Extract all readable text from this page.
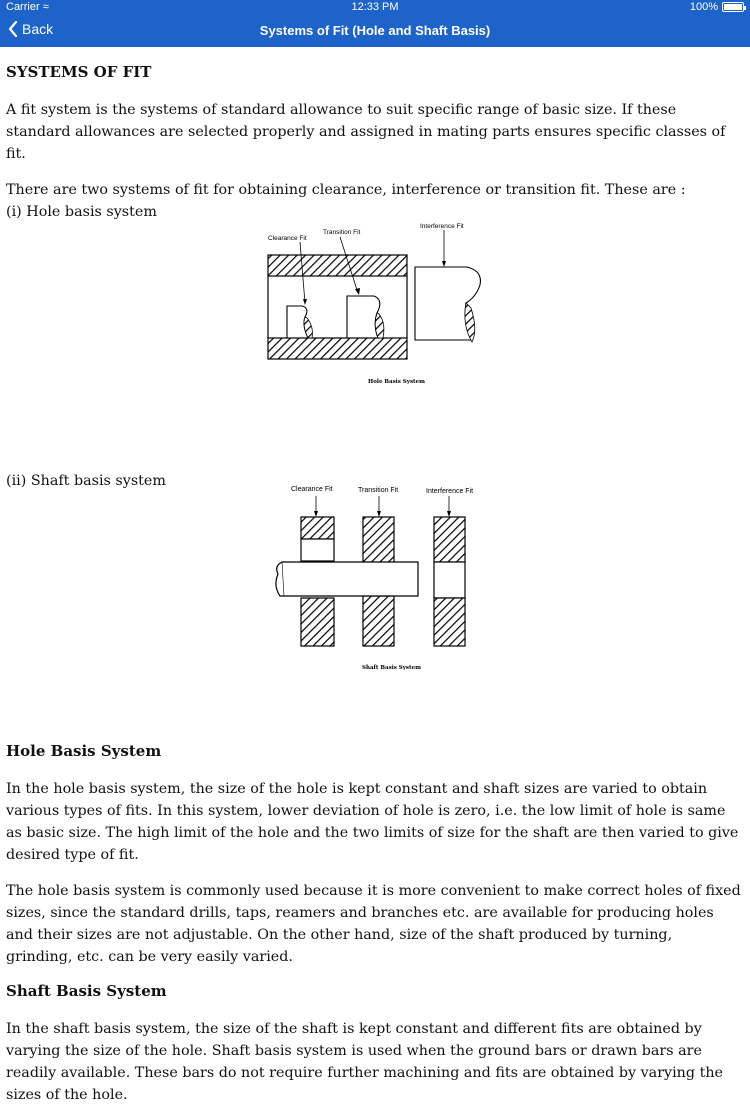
Carrier ≈	12:33 PM	100%
Back	Systems of Fit (Hole and Shaft Basis)
SYSTEMS OF FIT

A fit system is the systems of standard allowance to suit specific range of basic size. If these standard allowances are selected properly and assigned in mating parts ensures specific classes of fit.

There are two systems of fit for obtaining clearance, interference or transition fit. These are :

(i) Hole basis system

(ii) Shaft basis system

Hole Basis System

In the hole basis system, the size of the hole is kept constant and shaft sizes are varied to obtain various types of fits. In this system, lower deviation of hole is zero, i.e. the low limit of hole is same as basic size. The high limit of the hole and the two limits of size for the shaft are then varied to give desired type of fit.

The hole basis system is commonly used because it is more convenient to make correct holes of fixed sizes, since the standard drills, taps, reamers and branches etc. are available for producing holes and their sizes are not adjustable. On the other hand, size of the shaft produced by turning, grinding, etc. can be very easily varied.

Shaft Basis System

In the shaft basis system, the size of the shaft is kept constant and different fits are obtained by varying the size of the hole. Shaft basis system is used when the ground bars or drawn bars are readily available. These bars do not require further machining and fits are obtained by varying the sizes of the hole.

Clearance Fit
Transition Fit
Interference Fit
Hole Basis System
Clearance Fit	Transition Fit	Interference Fit
Shaft Basis System
